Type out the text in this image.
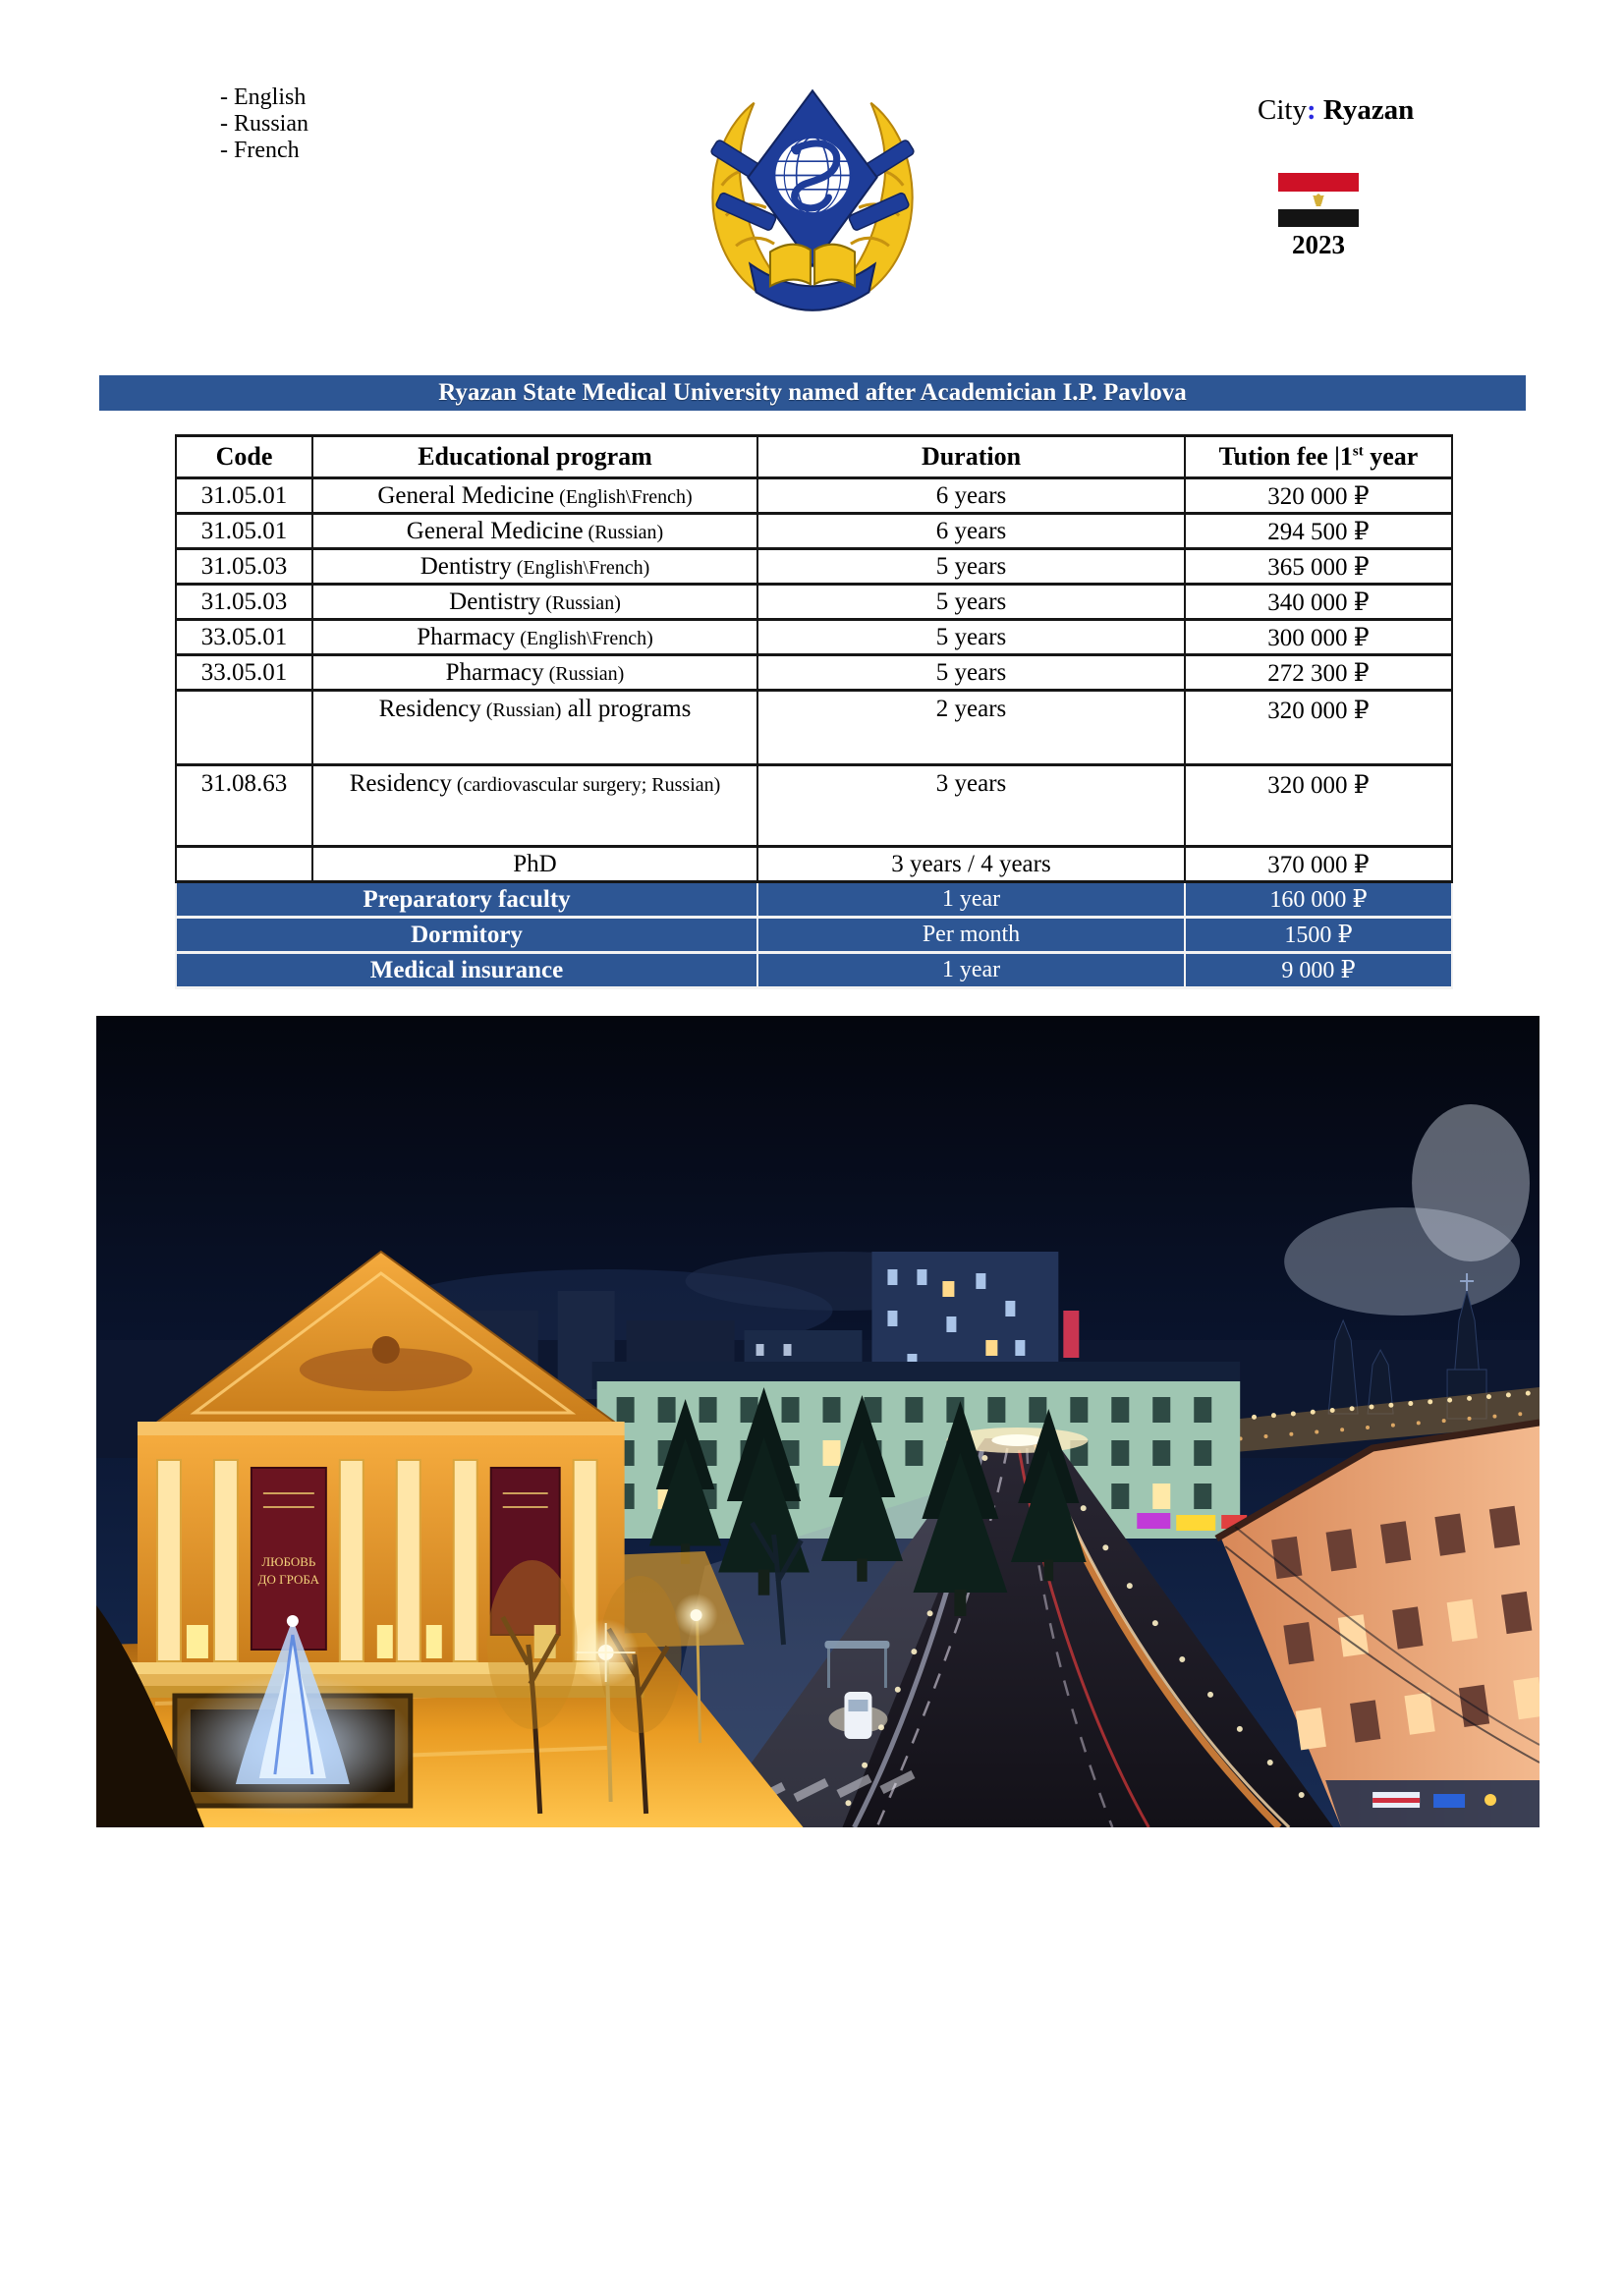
- English
- Russian
- French
City: Ryazan
2023
Ryazan State Medical University named after Academician I.P. Pavlova
Code	Educational program	Duration	Tution fee |1st year
31.05.01	General Medicine (English\French)	6 years	320 000 ₽
31.05.01	General Medicine (Russian)	6 years	294 500 ₽
31.05.03	Dentistry (English\French)	5 years	365 000 ₽
31.05.03	Dentistry (Russian)	5 years	340 000 ₽
33.05.01	Pharmacy (English\French)	5 years	300 000 ₽
33.05.01	Pharmacy (Russian)	5 years	272 300 ₽
	Residency (Russian) all programs	2 years	320 000 ₽
31.08.63	Residency (cardiovascular surgery; Russian)	3 years	320 000 ₽
	PhD	3 years / 4 years	370 000 ₽
Preparatory faculty		1 year	160 000 ₽
Dormitory		Per month	1500 ₽
Medical insurance		1 year	9 000 ₽
ЛЮБОВЬ
ДО ГРОБА
